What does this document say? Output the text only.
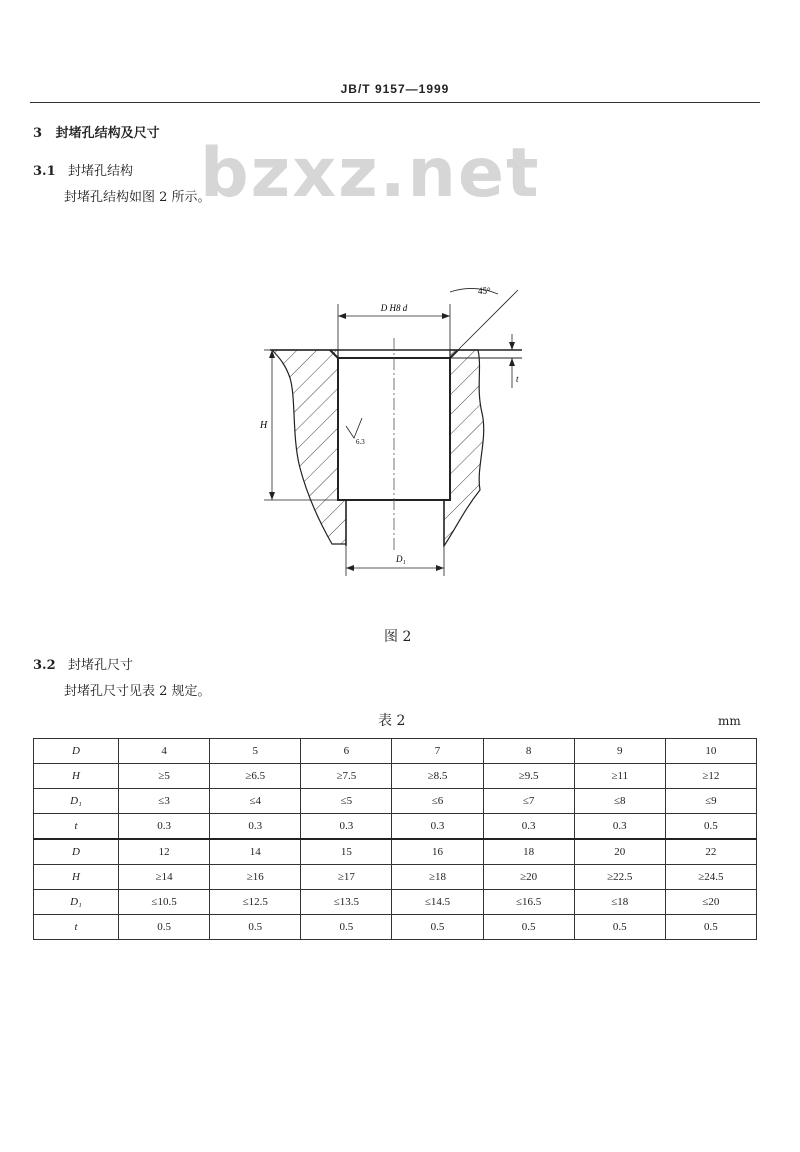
JB/T 9157—1999
bzxz.net
3 封堵孔结构及尺寸
3.1 封堵孔结构
封堵孔结构如图 2 所示。
D H8 d
45°
t
H
6.3
D₁
图 2
3.2 封堵孔尺寸
封堵孔尺寸见表 2 规定。
表 2	mm
D	4	5	6	7	8	9	10
H	≥5	≥6.5	≥7.5	≥8.5	≥9.5	≥11	≥12
D₁	≤3	≤4	≤5	≤6	≤7	≤8	≤9
t	0.3	0.3	0.3	0.3	0.3	0.3	0.5
D	12	14	15	16	18	20	22
H	≥14	≥16	≥17	≥18	≥20	≥22.5	≥24.5
D₁	≤10.5	≤12.5	≤13.5	≤14.5	≤16.5	≤18	≤20
t	0.5	0.5	0.5	0.5	0.5	0.5	0.5
